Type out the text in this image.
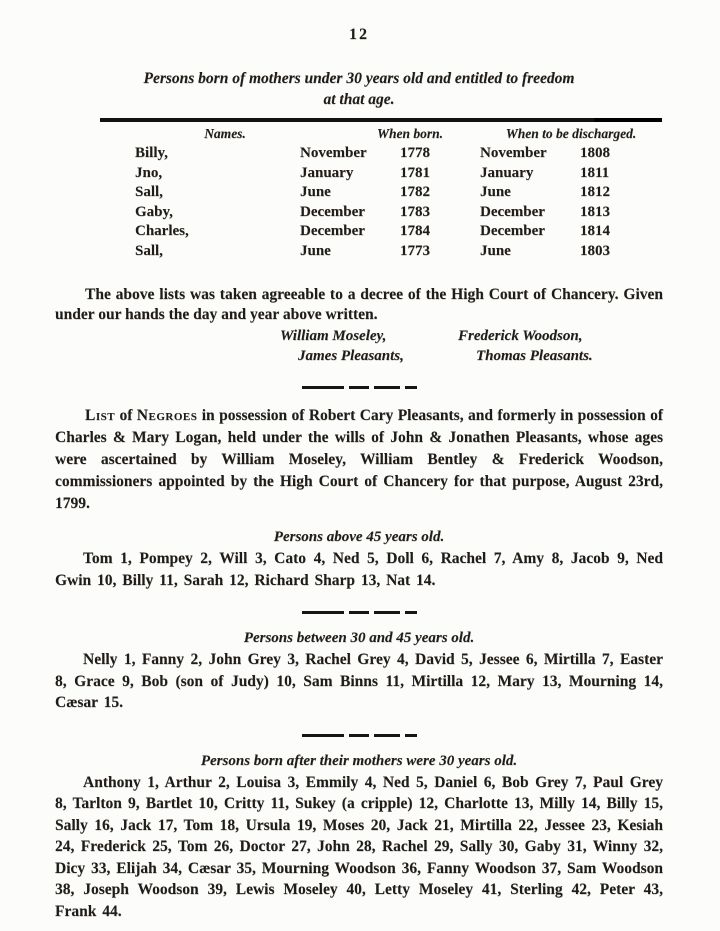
12
Persons born of mothers under 30 years old and entitled to freedom
at that age.
Names.	When born.	When to be discharged.
Billy,	November	1778	November	1808
Jno,	January	1781	January	1811
Sall,	June	1782	June	1812
Gaby,	December	1783	December	1813
Charles,	December	1784	December	1814
Sall,	June	1773	June	1803

The above lists was taken agreeable to a decree of the High Court of Chancery. Given under our hands the day and year above written.

William Moseley,	Frederick Woodson,
James Pleasants,	Thomas Pleasants.

List of Negroes in possession of Robert Cary Pleasants, and formerly in possession of Charles & Mary Logan, held under the wills of John & Jonathen Pleasants, whose ages were ascertained by William Moseley, William Bentley & Frederick Woodson, commissioners appointed by the High Court of Chancery for that purpose, August 23rd, 1799.

Persons above 45 years old.

Tom 1, Pompey 2, Will 3, Cato 4, Ned 5, Doll 6, Rachel 7, Amy 8, Jacob 9, Ned Gwin 10, Billy 11, Sarah 12, Richard Sharp 13, Nat 14.

Persons between 30 and 45 years old.

Nelly 1, Fanny 2, John Grey 3, Rachel Grey 4, David 5, Jessee 6, Mirtilla 7, Easter 8, Grace 9, Bob (son of Judy) 10, Sam Binns 11, Mirtilla 12, Mary 13, Mourning 14, Cæsar 15.

Persons born after their mothers were 30 years old.

Anthony 1, Arthur 2, Louisa 3, Emmily 4, Ned 5, Daniel 6, Bob Grey 7, Paul Grey 8, Tarlton 9, Bartlet 10, Critty 11, Sukey (a cripple) 12, Charlotte 13, Milly 14, Billy 15, Sally 16, Jack 17, Tom 18, Ursula 19, Moses 20, Jack 21, Mirtilla 22, Jessee 23, Kesiah 24, Frederick 25, Tom 26, Doctor 27, John 28, Rachel 29, Sally 30, Gaby 31, Winny 32, Dicy 33, Elijah 34, Cæsar 35, Mourning Woodson 36, Fanny Woodson 37, Sam Woodson 38, Joseph Woodson 39, Lewis Moseley 40, Letty Moseley 41, Sterling 42, Peter 43, Frank 44.
